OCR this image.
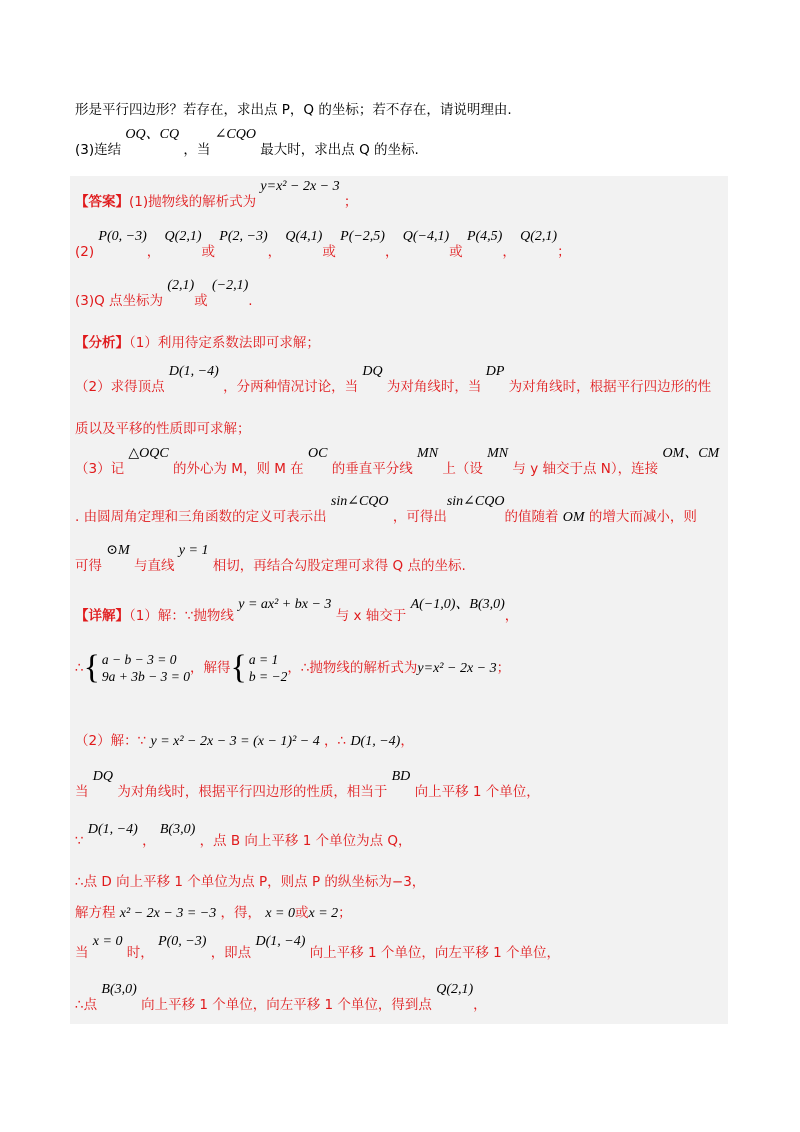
形是平行四边形？若存在，求出点 P，Q 的坐标；若不存在，请说明理由.
(3)连结 OQ、CQ ，当 ∠CQO 最大时，求出点 Q 的坐标.
【答案】(1)抛物线的解析式为 y=x² − 2x − 3 ；
(2) P(0, −3)， Q(2,1)或 P(2, −3)， Q(4,1)或 P(−2,5)， Q(−4,1)或 P(4,5)， Q(2,1)；
(3)Q 点坐标为 (2,1)或 (−2,1).
【分析】（1）利用待定系数法即可求解；
（2）求得顶点 D(1, −4) ，分两种情况讨论，当 DQ 为对角线时，当 DP 为对角线时，根据平行四边形的性
质以及平移的性质即可求解；
（3）记 △OQC 的外心为 M，则 M 在 OC 的垂直平分线 MN 上（设 MN 与 y 轴交于点 N），连接 OM、CM
. 由圆周角定理和三角函数的定义可表示出 sin∠CQO ，可得出sin∠CQO的值随着 OM 的增大而减小，则
可得 ⊙M 与直线 y = 1 相切，再结合勾股定理可求得 Q 点的坐标.
【详解】（1）解：∵抛物线 y = ax² + bx − 3 与 x 轴交于 A(−1,0)、B(3,0)，
∴{ a − b − 3 = 0
9a + 3b − 3 = 0，解得{ a = 1
b = −2，∴抛物线的解析式为y=x² − 2x − 3；
（2）解：∵ y = x² − 2x − 3 = (x − 1)² − 4 ，∴ D(1, −4)，
当 DQ 为对角线时，根据平行四边形的性质，相当于 BD 向上平移 1 个单位，
∵ D(1, −4) ， B(3,0) ，点 B 向上平移 1 个单位为点 Q，
∴点 D 向上平移 1 个单位为点 P，则点 P 的纵坐标为−3，
解方程 x² − 2x − 3 = −3 ，得， x = 0或x = 2；
当 x = 0 时， P(0, −3) ，即点 D(1, −4) 向上平移 1 个单位，向左平移 1 个单位，
∴点 B(3,0) 向上平移 1 个单位，向左平移 1 个单位，得到点 Q(2,1)，
